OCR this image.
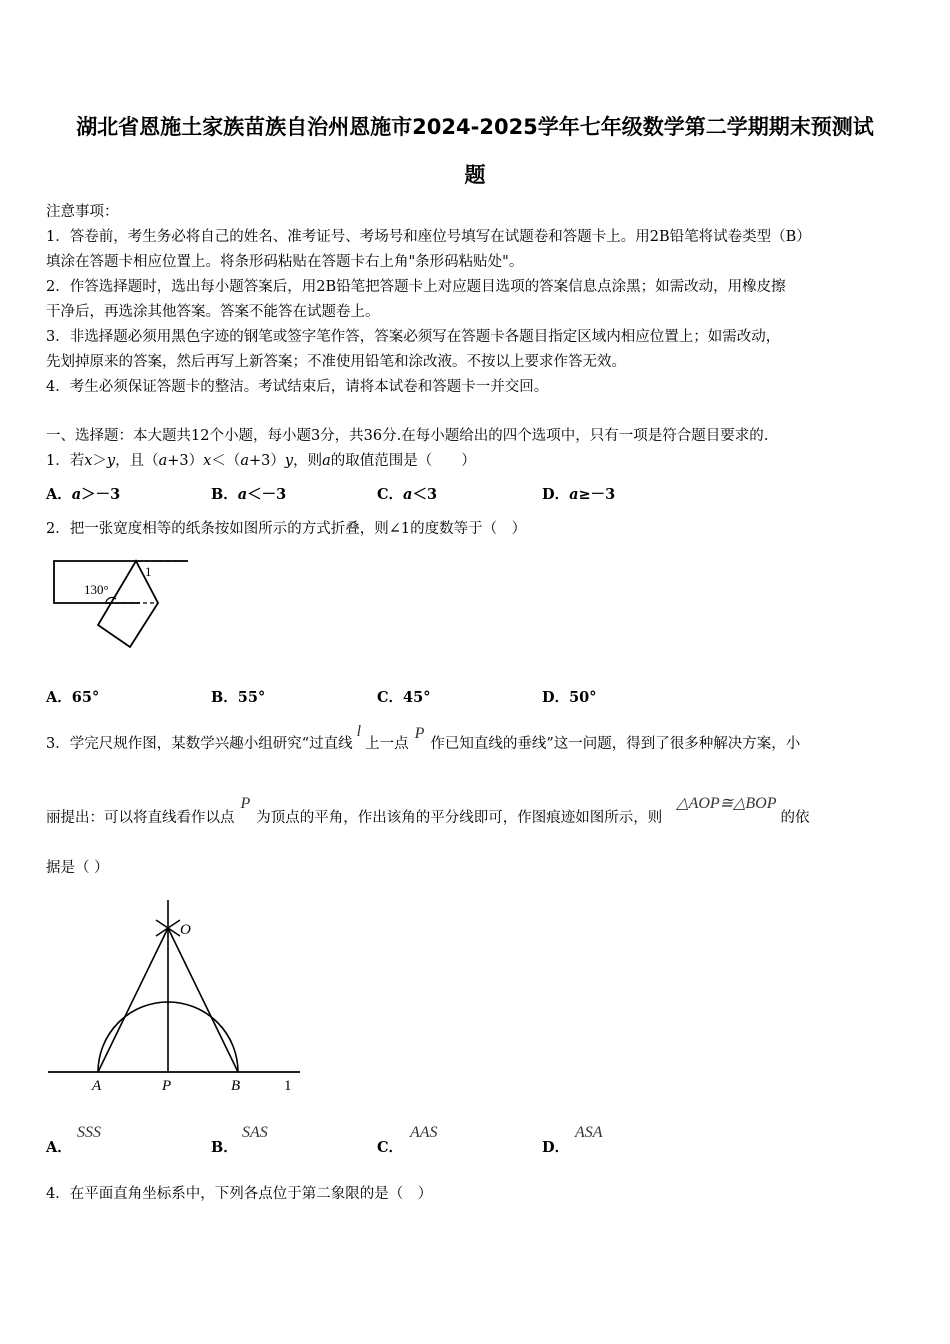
湖北省恩施土家族苗族自治州恩施市2024-2025学年七年级数学第二学期期末预测试
题
注意事项：
1．答卷前，考生务必将自己的姓名、准考证号、考场号和座位号填写在试题卷和答题卡上。用2B铅笔将试卷类型（B）
填涂在答题卡相应位置上。将条形码粘贴在答题卡右上角"条形码粘贴处"。
2．作答选择题时，选出每小题答案后，用2B铅笔把答题卡上对应题目选项的答案信息点涂黑；如需改动，用橡皮擦
干净后，再选涂其他答案。答案不能答在试题卷上。
3．非选择题必须用黑色字迹的钢笔或签字笔作答，答案必须写在答题卡各题目指定区域内相应位置上；如需改动，
先划掉原来的答案，然后再写上新答案；不准使用铅笔和涂改液。不按以上要求作答无效。
4．考生必须保证答题卡的整洁。考试结束后，请将本试卷和答题卡一并交回。
一、选择题：本大题共12个小题，每小题3分，共36分.在每小题给出的四个选项中，只有一项是符合题目要求的.
1．若x＞y，且（a+3）x＜（a+3）y，则a的取值范围是（　　）
A．a＞－3	B．a＜－3	C．a＜3	D．a≥－3
2．把一张宽度相等的纸条按如图所示的方式折叠，则∠1的度数等于（　）
130°
1
A．65°	B．55°	C．45°	D．50°
3．学完尺规作图，某数学兴趣小组研究“过直线l上一点P作已知直线的垂线”这一问题，得到了很多种解决方案，小
丽提出：可以将直线看作以点P为顶点的平角，作出该角的平分线即可，作图痕迹如图所示，则△AOP≅△BOP的依
据是（ ）
O
A	P	B	1
A．
SSS
B．
SAS
C．
AAS
D．
ASA
4．在平面直角坐标系中，下列各点位于第二象限的是（　）
